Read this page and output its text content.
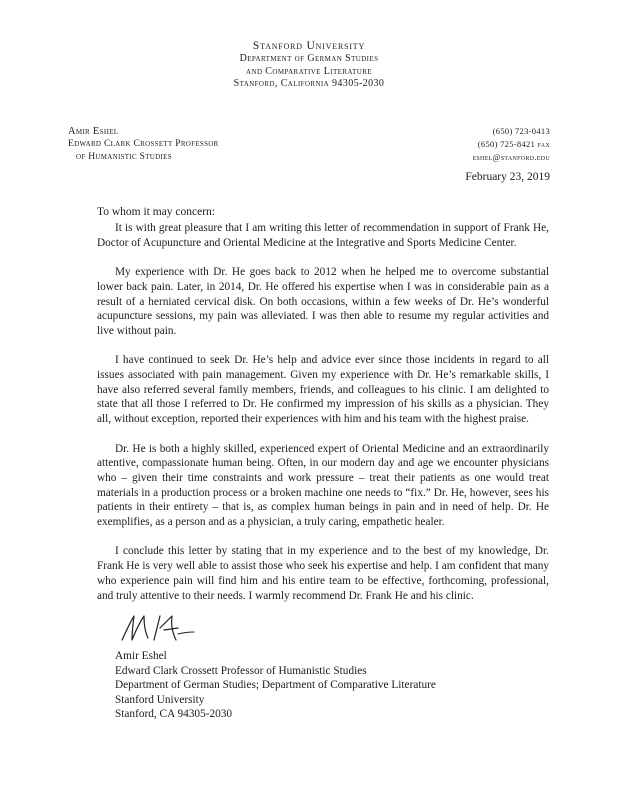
Stanford University
Department of German Studies
and Comparative Literature
Stanford, California 94305-2030
Amir Eshel
Edward Clark Crossett Professor
of Humanistic Studies
(650) 723-0413
(650) 725-8421 fax
eshel@stanford.edu
February 23, 2019
To whom it may concern:

It is with great pleasure that I am writing this letter of recommendation in support of Frank He, Doctor of Acupuncture and Oriental Medicine at the Integrative and Sports Medicine Center.

My experience with Dr. He goes back to 2012 when he helped me to overcome substantial lower back pain. Later, in 2014, Dr. He offered his expertise when I was in considerable pain as a result of a herniated cervical disk. On both occasions, within a few weeks of Dr. He’s wonderful acupuncture sessions, my pain was alleviated. I was then able to resume my regular activities and live without pain.

I have continued to seek Dr. He’s help and advice ever since those incidents in regard to all issues associated with pain management. Given my experience with Dr. He’s remarkable skills, I have also referred several family members, friends, and colleagues to his clinic. I am delighted to state that all those I referred to Dr. He confirmed my impression of his skills as a physician. They all, without exception, reported their experiences with him and his team with the highest praise.

Dr. He is both a highly skilled, experienced expert of Oriental Medicine and an extraordinarily attentive, compassionate human being. Often, in our modern day and age we encounter physicians who – given their time constraints and work pressure – treat their patients as one would treat materials in a production process or a broken machine one needs to “fix.” Dr. He, however, sees his patients in their entirety – that is, as complex human beings in pain and in need of help. Dr. He exemplifies, as a person and as a physician, a truly caring, empathetic healer.

I conclude this letter by stating that in my experience and to the best of my knowledge, Dr. Frank He is very well able to assist those who seek his expertise and help. I am confident that many who experience pain will find him and his entire team to be effective, forthcoming, professional, and truly attentive to their needs. I warmly recommend Dr. Frank He and his clinic.

Amir Eshel
Edward Clark Crossett Professor of Humanistic Studies
Department of German Studies; Department of Comparative Literature
Stanford University
Stanford, CA 94305-2030
